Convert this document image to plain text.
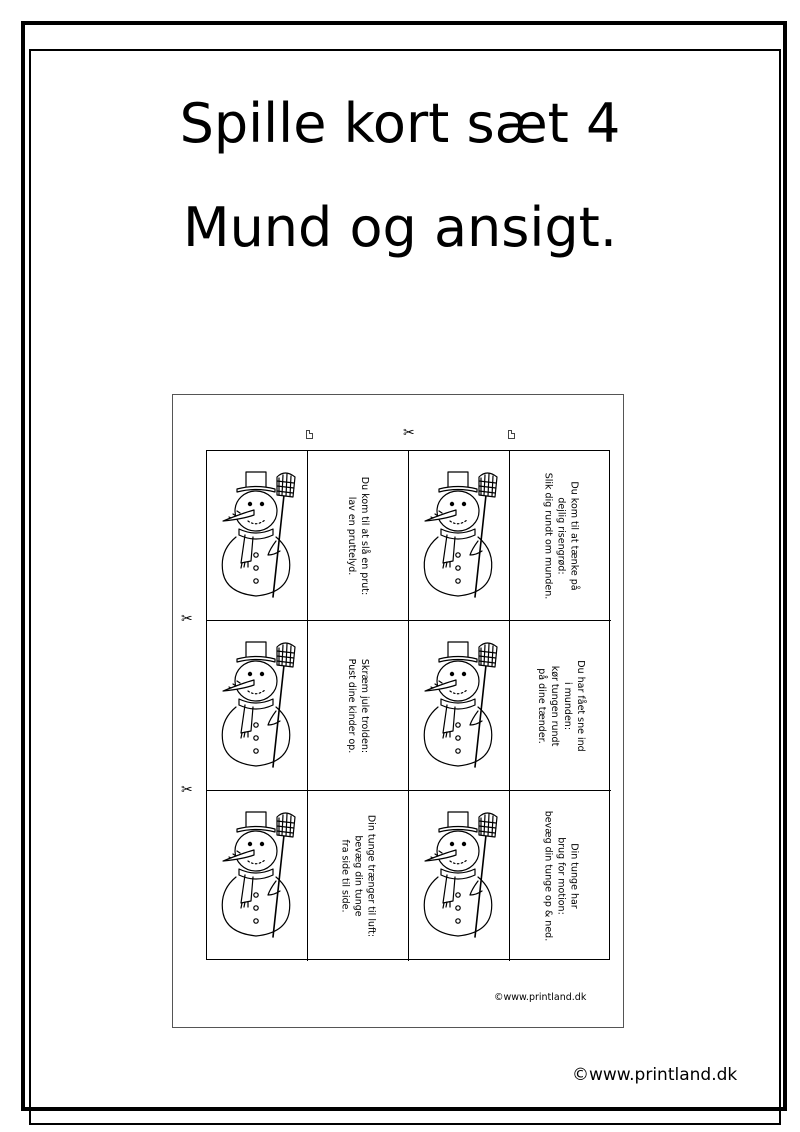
Spille kort sæt 4
Mund og ansigt.
✂
✂
✂
Du kom til at slå en prut:
lav en pruttelyd.	Du kom til at tænke på
dejlig risengrød:
Slik dig rundt om munden.
Skræm jule trolden:
Pust dine kinder op.	Du har fået sne ind
i munden:
kør tungen rundt
på dine tænder.
Din tunge trænger til luft:
bevæg din tunge
fra side til side.	Din tunge har
brug for motion:
bevæg din tunge op & ned.
©www.printland.dk
©www.printland.dk
